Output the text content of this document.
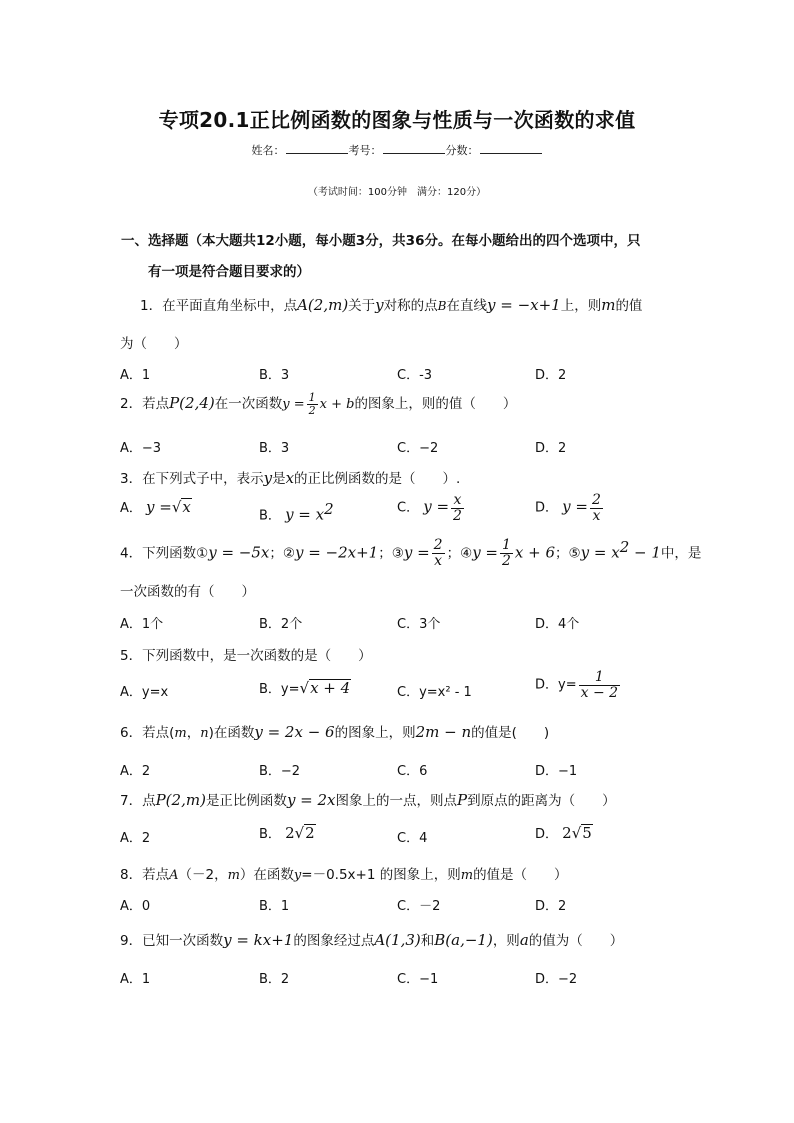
专项20.1正比例函数的图象与性质与一次函数的求值
姓名：	考号：	分数：
（考试时间：100分钟　满分：120分）
一、选择题（本大题共12小题，每小题3分，共36分。在每小题给出的四个选项中，只
有一项是符合题目要求的）
1．在平面直角坐标中，点A(2,m)关于y对称的点B在直线y = −x+1上，则m的值
为（　　）
A．1	B．3	C．-3	D．2
2．若点P(2,4)在一次函数$y = \frac{1}{2}$ x + b的图象上，则的值（　　）
A．−3	B．3	C．−2	D．2
3．在下列式子中，表示y是x的正比例函数的是（　　）.
A． y =√x	B． $y = x^2$	C． $y = \frac{x}{2}$	D． $y = \frac{2}{x}$
4．下列函数①y = −5x；②y = −2x+1；③y = $\frac{2}{x}$ ；④y = $\frac{1}{2}$ x + 6；⑤y = $x^2 - 1$中，是
一次函数的有（　　）
A．1个	B．2个	C．3个	D．4个
5．下列函数中，是一次函数的是（　　）
A．y=x	B．y=√x + 4	C．y=x² - 1	D．$y= \frac{1}{x - 2}$
6．若点(m，n)在函数y = 2x − 6的图象上，则2m − n的值是(　　)
A．2	B．−2	C．6	D．−1
7．点P(2,m)是正比例函数y = 2x图象上的一点，则点P到原点的距离为（　　）
A．2	B． 2√2	C．4	D． 2√5
8．若点A（－2，m）在函数y=－0.5x+1 的图象上，则m的值是（　　）
A．0	B．1	C．－2	D．2
9．已知一次函数y = kx+1的图象经过点A(1,3)和B(a,−1)，则a的值为（　　）
A．1	B．2	C．−1	D．−2
